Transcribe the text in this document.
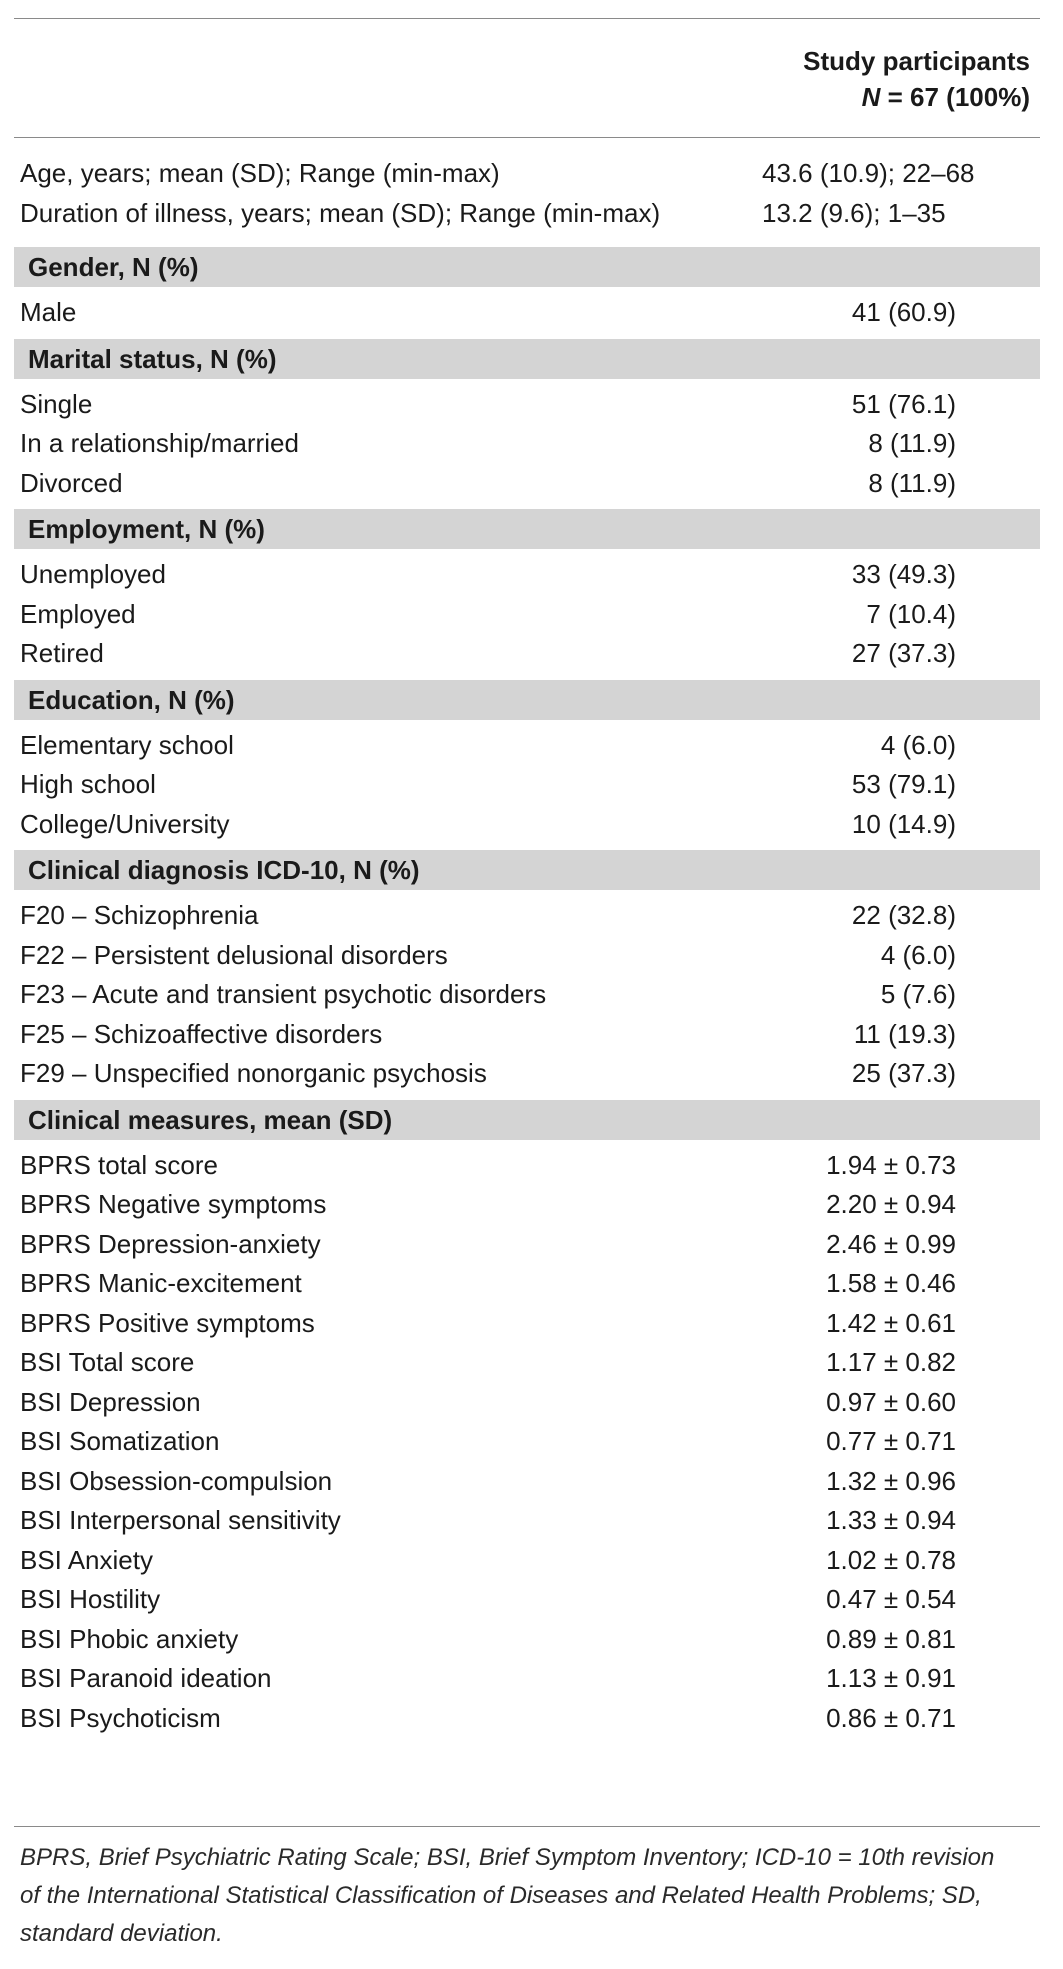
Study participants
N = 67 (100%)
Age, years; mean (SD); Range (min-max)	43.6 (10.9); 22–68
Duration of illness, years; mean (SD); Range (min-max)	13.2 (9.6); 1–35
Gender, N (%)
Male	41 (60.9)
Marital status, N (%)
Single	51 (76.1)
In a relationship/married	8 (11.9)
Divorced	8 (11.9)
Employment, N (%)
Unemployed	33 (49.3)
Employed	7 (10.4)
Retired	27 (37.3)
Education, N (%)
Elementary school	4 (6.0)
High school	53 (79.1)
College/University	10 (14.9)
Clinical diagnosis ICD-10, N (%)
F20 – Schizophrenia	22 (32.8)
F22 – Persistent delusional disorders	4 (6.0)
F23 – Acute and transient psychotic disorders	5 (7.6)
F25 – Schizoaffective disorders	11 (19.3)
F29 – Unspecified nonorganic psychosis	25 (37.3)
Clinical measures, mean (SD)
BPRS total score	1.94 ± 0.73
BPRS Negative symptoms	2.20 ± 0.94
BPRS Depression-anxiety	2.46 ± 0.99
BPRS Manic-excitement	1.58 ± 0.46
BPRS Positive symptoms	1.42 ± 0.61
BSI Total score	1.17 ± 0.82
BSI Depression	0.97 ± 0.60
BSI Somatization	0.77 ± 0.71
BSI Obsession-compulsion	1.32 ± 0.96
BSI Interpersonal sensitivity	1.33 ± 0.94
BSI Anxiety	1.02 ± 0.78
BSI Hostility	0.47 ± 0.54
BSI Phobic anxiety	0.89 ± 0.81
BSI Paranoid ideation	1.13 ± 0.91
BSI Psychoticism	0.86 ± 0.71
BPRS, Brief Psychiatric Rating Scale; BSI, Brief Symptom Inventory; ICD-10 = 10th revision of the International Statistical Classification of Diseases and Related Health Problems; SD, standard deviation.
